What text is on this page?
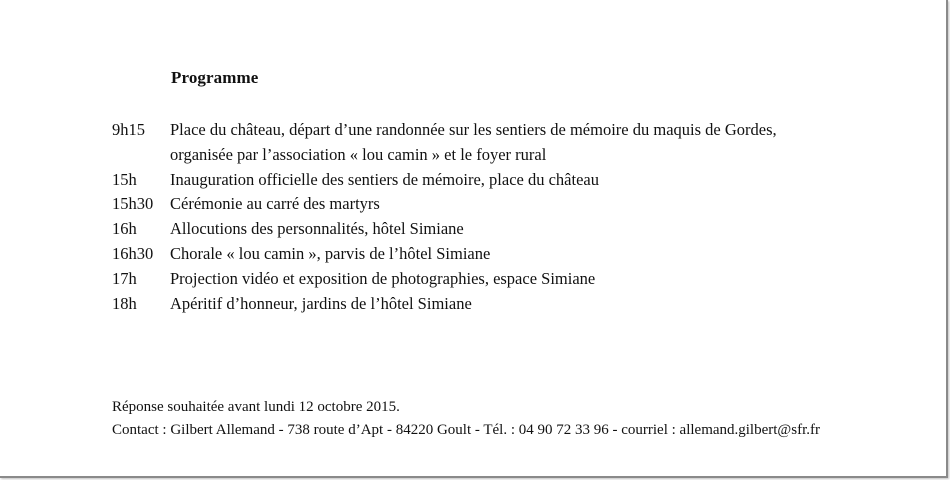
Programme
9h15	Place du château, départ d’une randonnée sur les sentiers de mémoire du maquis de Gordes,
organisée par l’association « lou camin » et le foyer rural
15h	Inauguration officielle des sentiers de mémoire, place du château
15h30	Cérémonie au carré des martyrs
16h	Allocutions des personnalités, hôtel Simiane
16h30	Chorale « lou camin », parvis de l’hôtel Simiane
17h	Projection vidéo et exposition de photographies, espace Simiane
18h	Apéritif d’honneur, jardins de l’hôtel Simiane
Réponse souhaitée avant lundi 12 octobre 2015.
Contact : Gilbert Allemand - 738 route d’Apt - 84220 Goult - Tél. : 04 90 72 33 96 - courriel : allemand.gilbert@sfr.fr
